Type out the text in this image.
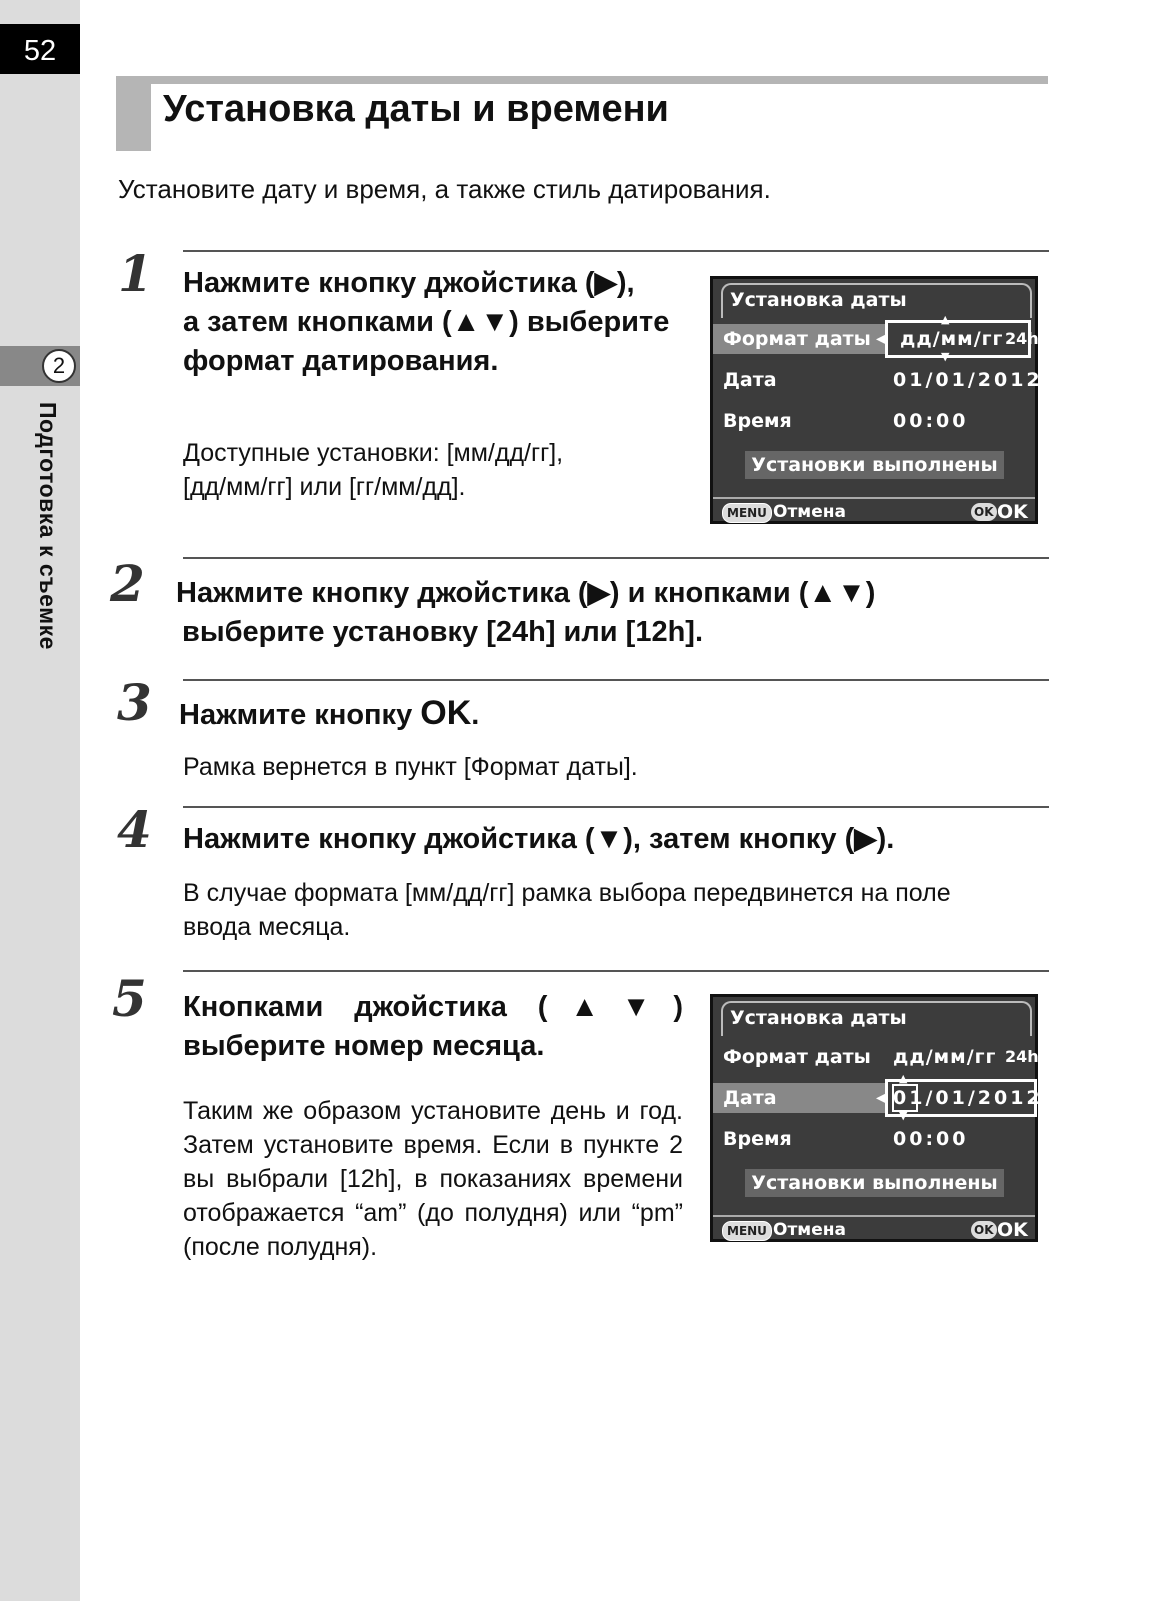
52
2
Подготовка к съемке
Установка даты и времени
Установите дату и время, а также стиль датирования.
1 Нажмите кнопку джойстика (▶),
а затем кнопками (▲▼) выберите
формат датирования.
Доступные установки: [мм/дд/гг],
[дд/мм/гг] или [гг/мм/дд].
Установка даты
Формат даты ◀ дд/мм/гг 24h
▲
▼
Дата	01/01/2012
Время	00:00
Установки выполнены
MENU Отмена	OK OK
2 Нажмите кнопку джойстика (▶) и кнопками (▲▼)
выберите установку [24h] или [12h].
3 Нажмите кнопку OK.
Рамка вернется в пункт [Формат даты].
4 Нажмите кнопку джойстика (▼), затем кнопку (▶).
В случае формата [мм/дд/гг] рамка выбора передвинется на поле
ввода месяца.
5 Кнопками джойстика (▲▼)
выберите номер месяца.
Таким же образом установите день и год. Затем установите время. Если в пункте 2 вы выбрали [12h], в показаниях времени отображается “am” (до полудня) или “pm” (после полудня).
Установка даты
Формат даты дд/мм/гг 24h
Дата	◀ 01/01/2012
▲
▼
Время	00:00
Установки выполнены
MENU Отмена	OK OK
